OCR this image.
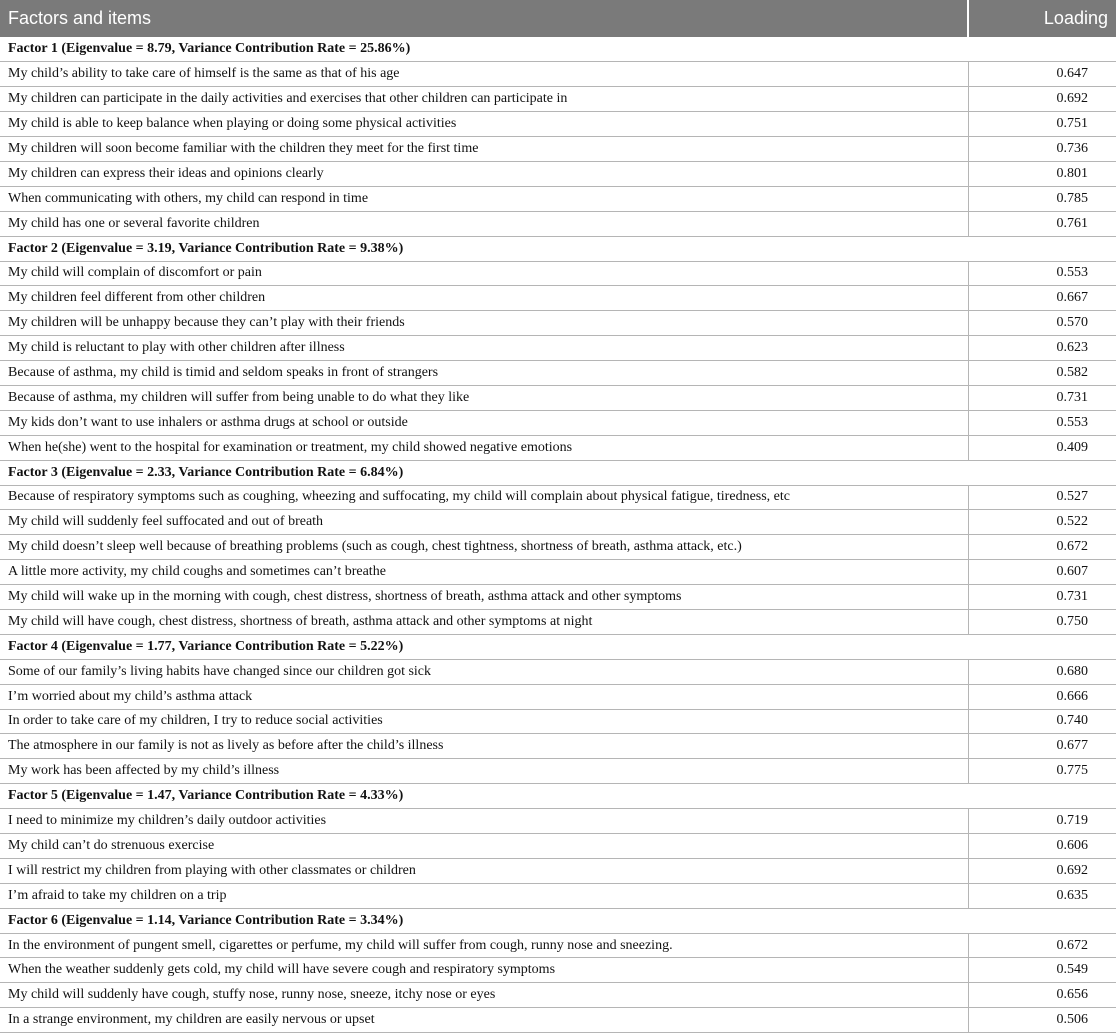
Factors and items	Loading
Factor 1 (Eigenvalue = 8.79, Variance Contribution Rate = 25.86%)	
My child’s ability to take care of himself is the same as that of his age	0.647
My children can participate in the daily activities and exercises that other children can participate in	0.692
My child is able to keep balance when playing or doing some physical activities	0.751
My children will soon become familiar with the children they meet for the first time	0.736
My children can express their ideas and opinions clearly	0.801
When communicating with others, my child can respond in time	0.785
My child has one or several favorite children	0.761
Factor 2 (Eigenvalue = 3.19, Variance Contribution Rate = 9.38%)	
My child will complain of discomfort or pain	0.553
My children feel different from other children	0.667
My children will be unhappy because they can’t play with their friends	0.570
My child is reluctant to play with other children after illness	0.623
Because of asthma, my child is timid and seldom speaks in front of strangers	0.582
Because of asthma, my children will suffer from being unable to do what they like	0.731
My kids don’t want to use inhalers or asthma drugs at school or outside	0.553
When he(she) went to the hospital for examination or treatment, my child showed negative emotions	0.409
Factor 3 (Eigenvalue = 2.33, Variance Contribution Rate = 6.84%)	
Because of respiratory symptoms such as coughing, wheezing and suffocating, my child will complain about physical fatigue, tiredness, etc	0.527
My child will suddenly feel suffocated and out of breath	0.522
My child doesn’t sleep well because of breathing problems (such as cough, chest tightness, shortness of breath, asthma attack, etc.)	0.672
A little more activity, my child coughs and sometimes can’t breathe	0.607
My child will wake up in the morning with cough, chest distress, shortness of breath, asthma attack and other symptoms	0.731
My child will have cough, chest distress, shortness of breath, asthma attack and other symptoms at night	0.750
Factor 4 (Eigenvalue = 1.77, Variance Contribution Rate = 5.22%)	
Some of our family’s living habits have changed since our children got sick	0.680
I’m worried about my child’s asthma attack	0.666
In order to take care of my children, I try to reduce social activities	0.740
The atmosphere in our family is not as lively as before after the child’s illness	0.677
My work has been affected by my child’s illness	0.775
Factor 5 (Eigenvalue = 1.47, Variance Contribution Rate = 4.33%)	
I need to minimize my children’s daily outdoor activities	0.719
My child can’t do strenuous exercise	0.606
I will restrict my children from playing with other classmates or children	0.692
I’m afraid to take my children on a trip	0.635
Factor 6 (Eigenvalue = 1.14, Variance Contribution Rate = 3.34%)	
In the environment of pungent smell, cigarettes or perfume, my child will suffer from cough, runny nose and sneezing.	0.672
When the weather suddenly gets cold, my child will have severe cough and respiratory symptoms	0.549
My child will suddenly have cough, stuffy nose, runny nose, sneeze, itchy nose or eyes	0.656
In a strange environment, my children are easily nervous or upset	0.506
